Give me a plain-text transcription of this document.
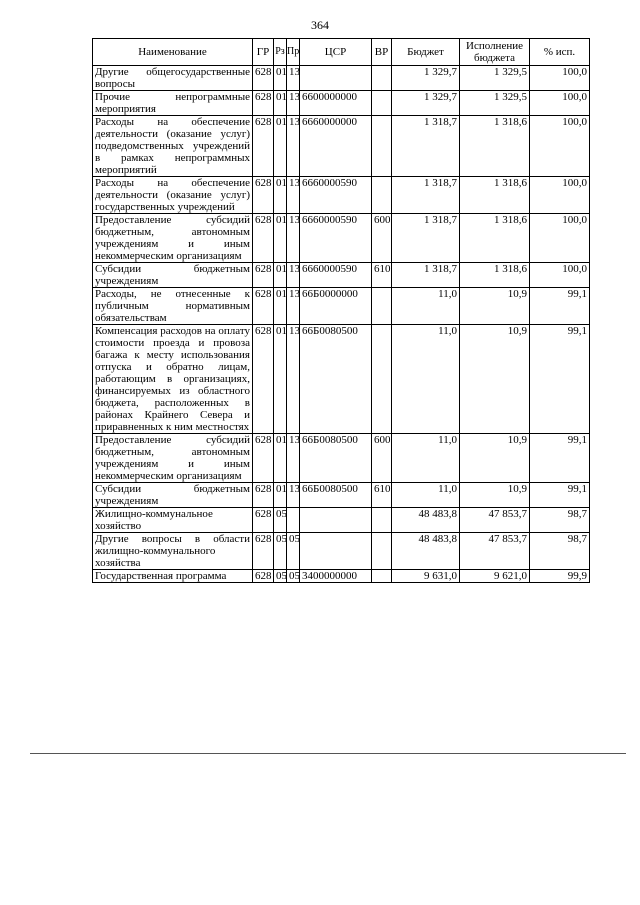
364
Наименование	ГР	Рз	Пр	ЦСР	ВР	Бюджет	Исполнение бюджета	% исп.
Другие общегосударственные вопросы	628	01	13			1 329,7	1 329,5	100,0
Прочие непрограммные мероприятия	628	01	13	6600000000		1 329,7	1 329,5	100,0
Расходы на обеспечение деятельности (оказание услуг) подведомственных учреждений в рамках непрограммных мероприятий	628	01	13	6660000000		1 318,7	1 318,6	100,0
Расходы на обеспечение деятельности (оказание услуг) государственных учреждений	628	01	13	6660000590		1 318,7	1 318,6	100,0
Предоставление субсидий бюджетным, автономным учреждениям и иным некоммерческим организациям	628	01	13	6660000590	600	1 318,7	1 318,6	100,0
Субсидии бюджетным учреждениям	628	01	13	6660000590	610	1 318,7	1 318,6	100,0
Расходы, не отнесенные к публичным нормативным обязательствам	628	01	13	66Б0000000		11,0	10,9	99,1
Компенсация расходов на оплату стоимости проезда и провоза багажа к месту использования отпуска и обратно лицам, работающим в организациях, финансируемых из областного бюджета, расположенных в районах Крайнего Севера и приравненных к ним местностях	628	01	13	66Б0080500		11,0	10,9	99,1
Предоставление субсидий бюджетным, автономным учреждениям и иным некоммерческим организациям	628	01	13	66Б0080500	600	11,0	10,9	99,1
Субсидии бюджетным учреждениям	628	01	13	66Б0080500	610	11,0	10,9	99,1
Жилищно-коммунальное хозяйство	628	05				48 483,8	47 853,7	98,7
Другие вопросы в области жилищно-коммунального хозяйства	628	05	05			48 483,8	47 853,7	98,7
Государственная программа	628	05	05	3400000000		9 631,0	9 621,0	99,9
